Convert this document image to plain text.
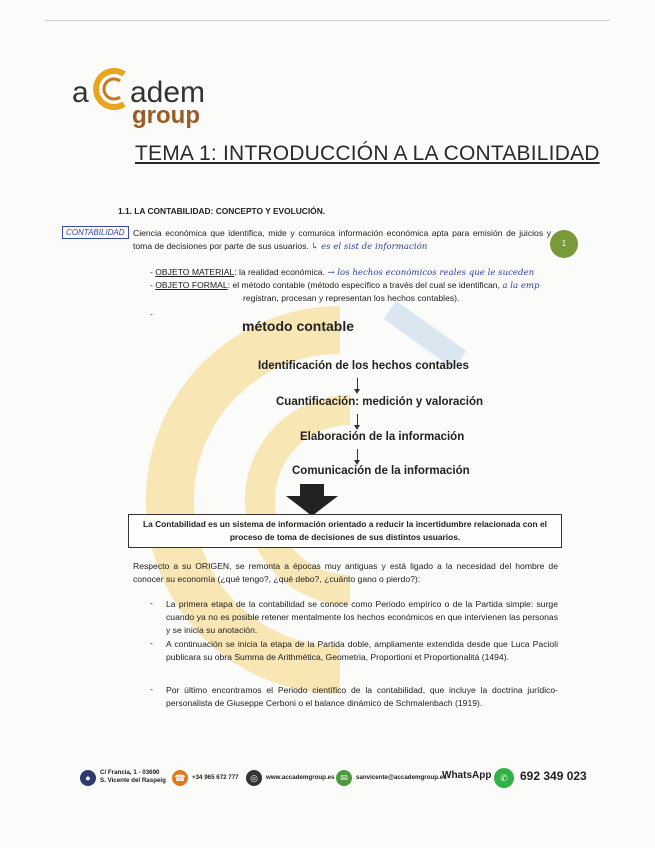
a adem
group
TEMA 1: INTRODUCCIÓN A LA CONTABILIDAD
1.1. LA CONTABILIDAD: CONCEPTO Y EVOLUCIÓN.
CONTABILIDAD Ciencia económica que identifica, mide y comunica información económica apta para emisión de juicios y toma de decisiones por parte de sus usuarios. ↳ es el sist de información	1
- OBJETO MATERIAL: la realidad económica. → los hechos económicos reales que le suceden
- OBJETO FORMAL: el método contable (método específico a través del cual se identifican, a la emp
registran, procesan y representan los hechos contables).
-
método contable
Identificación de los hechos contables
Cuantificación: medición y valoración
Elaboración de la información
Comunicación de la información
La Contabilidad es un sistema de información orientado a reducir la incertidumbre relacionada con el proceso de toma de decisiones de sus distintos usuarios.
Respecto a su ORIGEN, se remonta a épocas muy antiguas y está ligado a la necesidad del hombre de conocer su economía (¿qué tengo?, ¿qué debo?, ¿cuánto gano o pierdo?):
- La primera etapa de la contabilidad se conoce como Periodo empírico o de la Partida simple: surge cuando ya no es posible retener mentalmente los hechos económicos en que intervienen las personas y se inicia su anotación.
- A continuación se inicia la etapa de la Partida doble, ampliamente extendida desde que Luca Pacioli publicara su obra Summa de Arithmética, Geometria, Proportioni et Proportionalitá (1494).
- Por último encontramos el Periodo científico de la contabilidad, que incluye la doctrina jurídico-personalista de Giuseppe Cerboni o el balance dinámico de Schmalenbach (1919).
●
C/ Francia, 1 - 03690
S. Vicente del Raspeig ☎	+34 965 672 777	◎	www.accademgroup.es ✉	sanvicente@accademgroup.es
WhatsApp ✆	692 349 023
